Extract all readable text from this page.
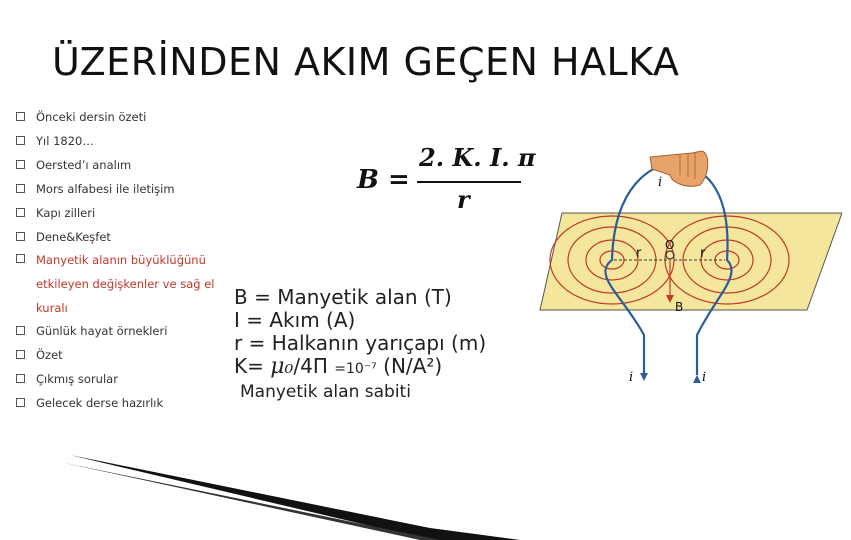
ÜZERİNDEN AKIM GEÇEN HALKA
Önceki dersin özeti
Yıl 1820…
Oersted’ı analım
Mors alfabesi ile iletişim
Kapı zilleri
Dene&Keşfet
Manyetik alanın büyüklüğünü etkileyen değişkenler ve sağ el kuralı
Günlük hayat örnekleri
Özet
Çıkmış sorular
Gelecek derse hazırlık
B =
2. K. I. π
r
B = Manyetik alan (T)
I = Akım (A)
r = Halkanın yarıçapı (m)
K= μ₀/4Π =10⁻⁷ (N/A²)
Manyetik alan sabiti
i
r
O
r
B
i	i
